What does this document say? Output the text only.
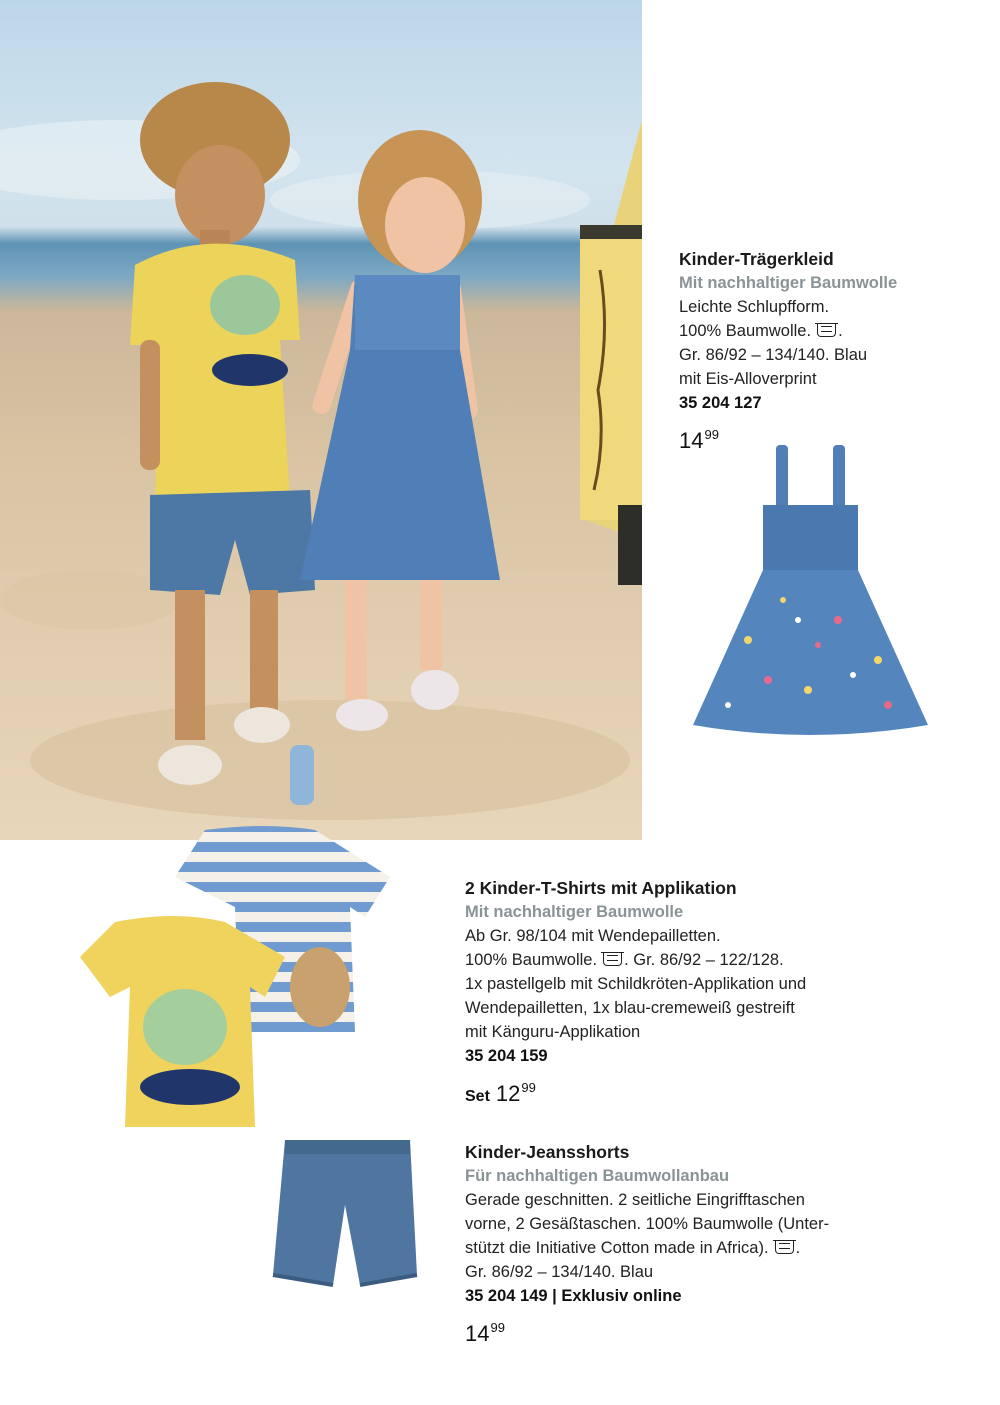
Kinder-Trägerkleid
Mit nachhaltiger Baumwolle
Leichte Schlupfform.
100% Baumwolle. .
Gr. 86/92 – 134/140. Blau
mit Eis-Alloverprint
35 204 127
$14^{99}$
2 Kinder-T-Shirts mit Applikation
Mit nachhaltiger Baumwolle
Ab Gr. 98/104 mit Wendepailletten.
100% Baumwolle. . Gr. 86/92 – 122/128.
1x pastellgelb mit Schildkröten-Applikation und
Wendepailletten, 1x blau-cremeweiß gestreift
mit Känguru-Applikation
35 204 159
Set $12^{99}$
Kinder-Jeansshorts
Für nachhaltigen Baumwollanbau
Gerade geschnitten. 2 seitliche Eingrifftaschen
vorne, 2 Gesäßtaschen. 100% Baumwolle (Unter-
stützt die Initiative Cotton made in Africa). .
Gr. 86/92 – 134/140. Blau
35 204 149 | Exklusiv online
$14^{99}$
